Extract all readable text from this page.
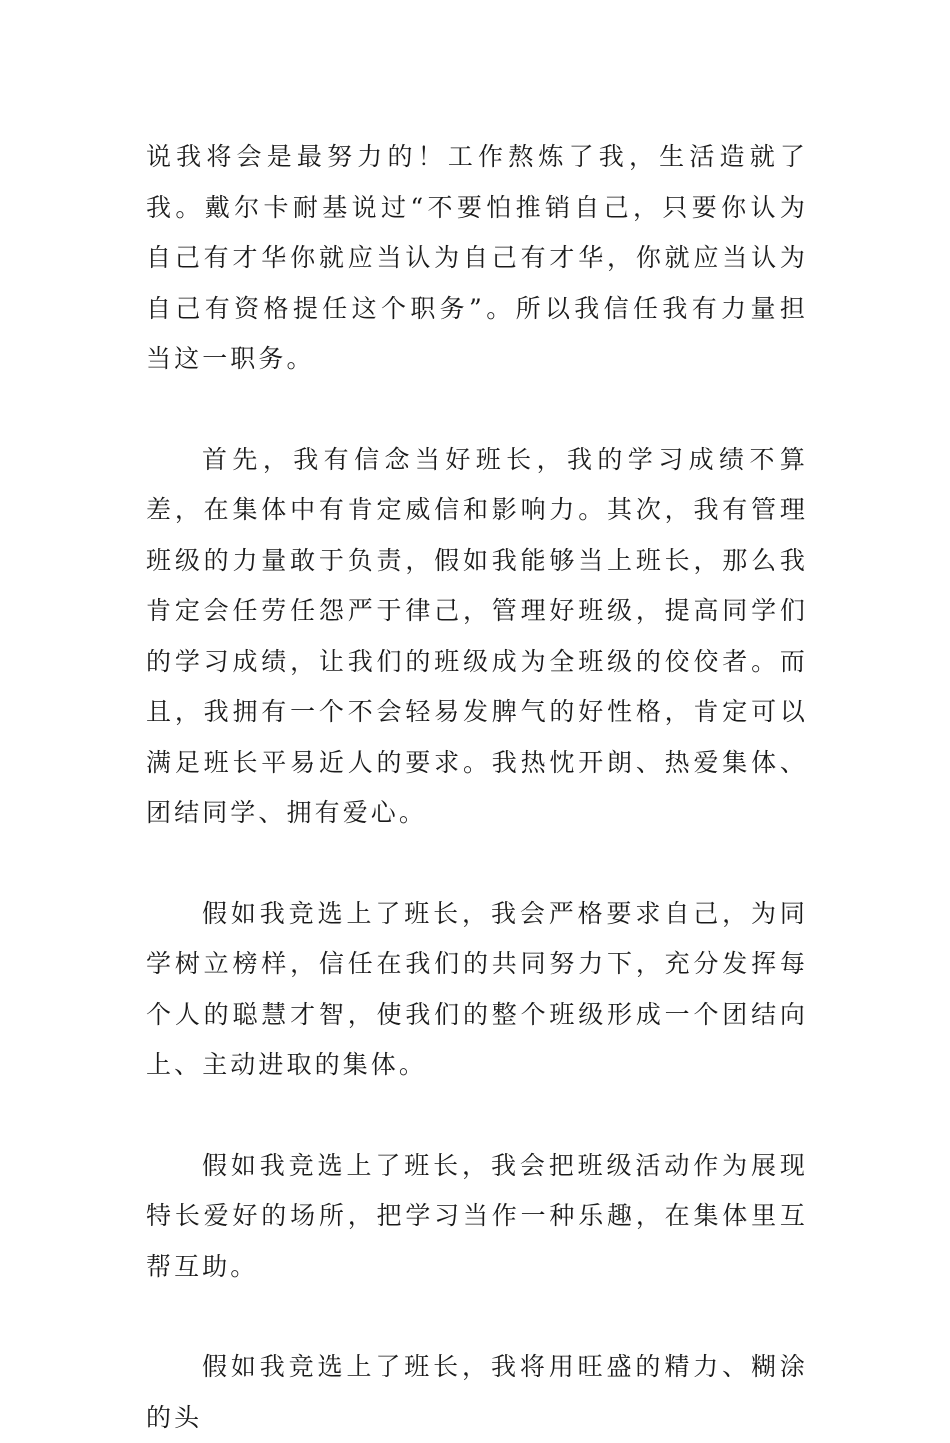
说我将会是最努力的！工作熬炼了我，生活造就了我。戴尔卡耐基说过“不要怕推销自己，只要你认为自己有才华你就应当认为自己有才华，你就应当认为自己有资格提任这个职务”。所以我信任我有力量担当这一职务。

首先，我有信念当好班长，我的学习成绩不算差，在集体中有肯定威信和影响力。其次，我有管理班级的力量敢于负责，假如我能够当上班长，那么我肯定会任劳任怨严于律己，管理好班级，提高同学们的学习成绩，让我们的班级成为全班级的佼佼者。而且，我拥有一个不会轻易发脾气的好性格，肯定可以满足班长平易近人的要求。我热忱开朗、热爱集体、团结同学、拥有爱心。

假如我竞选上了班长，我会严格要求自己，为同学树立榜样，信任在我们的共同努力下，充分发挥每个人的聪慧才智，使我们的整个班级形成一个团结向上、主动进取的集体。

假如我竞选上了班长，我会把班级活动作为展现特长爱好的场所，把学习当作一种乐趣，在集体里互帮互助。

假如我竞选上了班长，我将用旺盛的精力、糊涂的头
